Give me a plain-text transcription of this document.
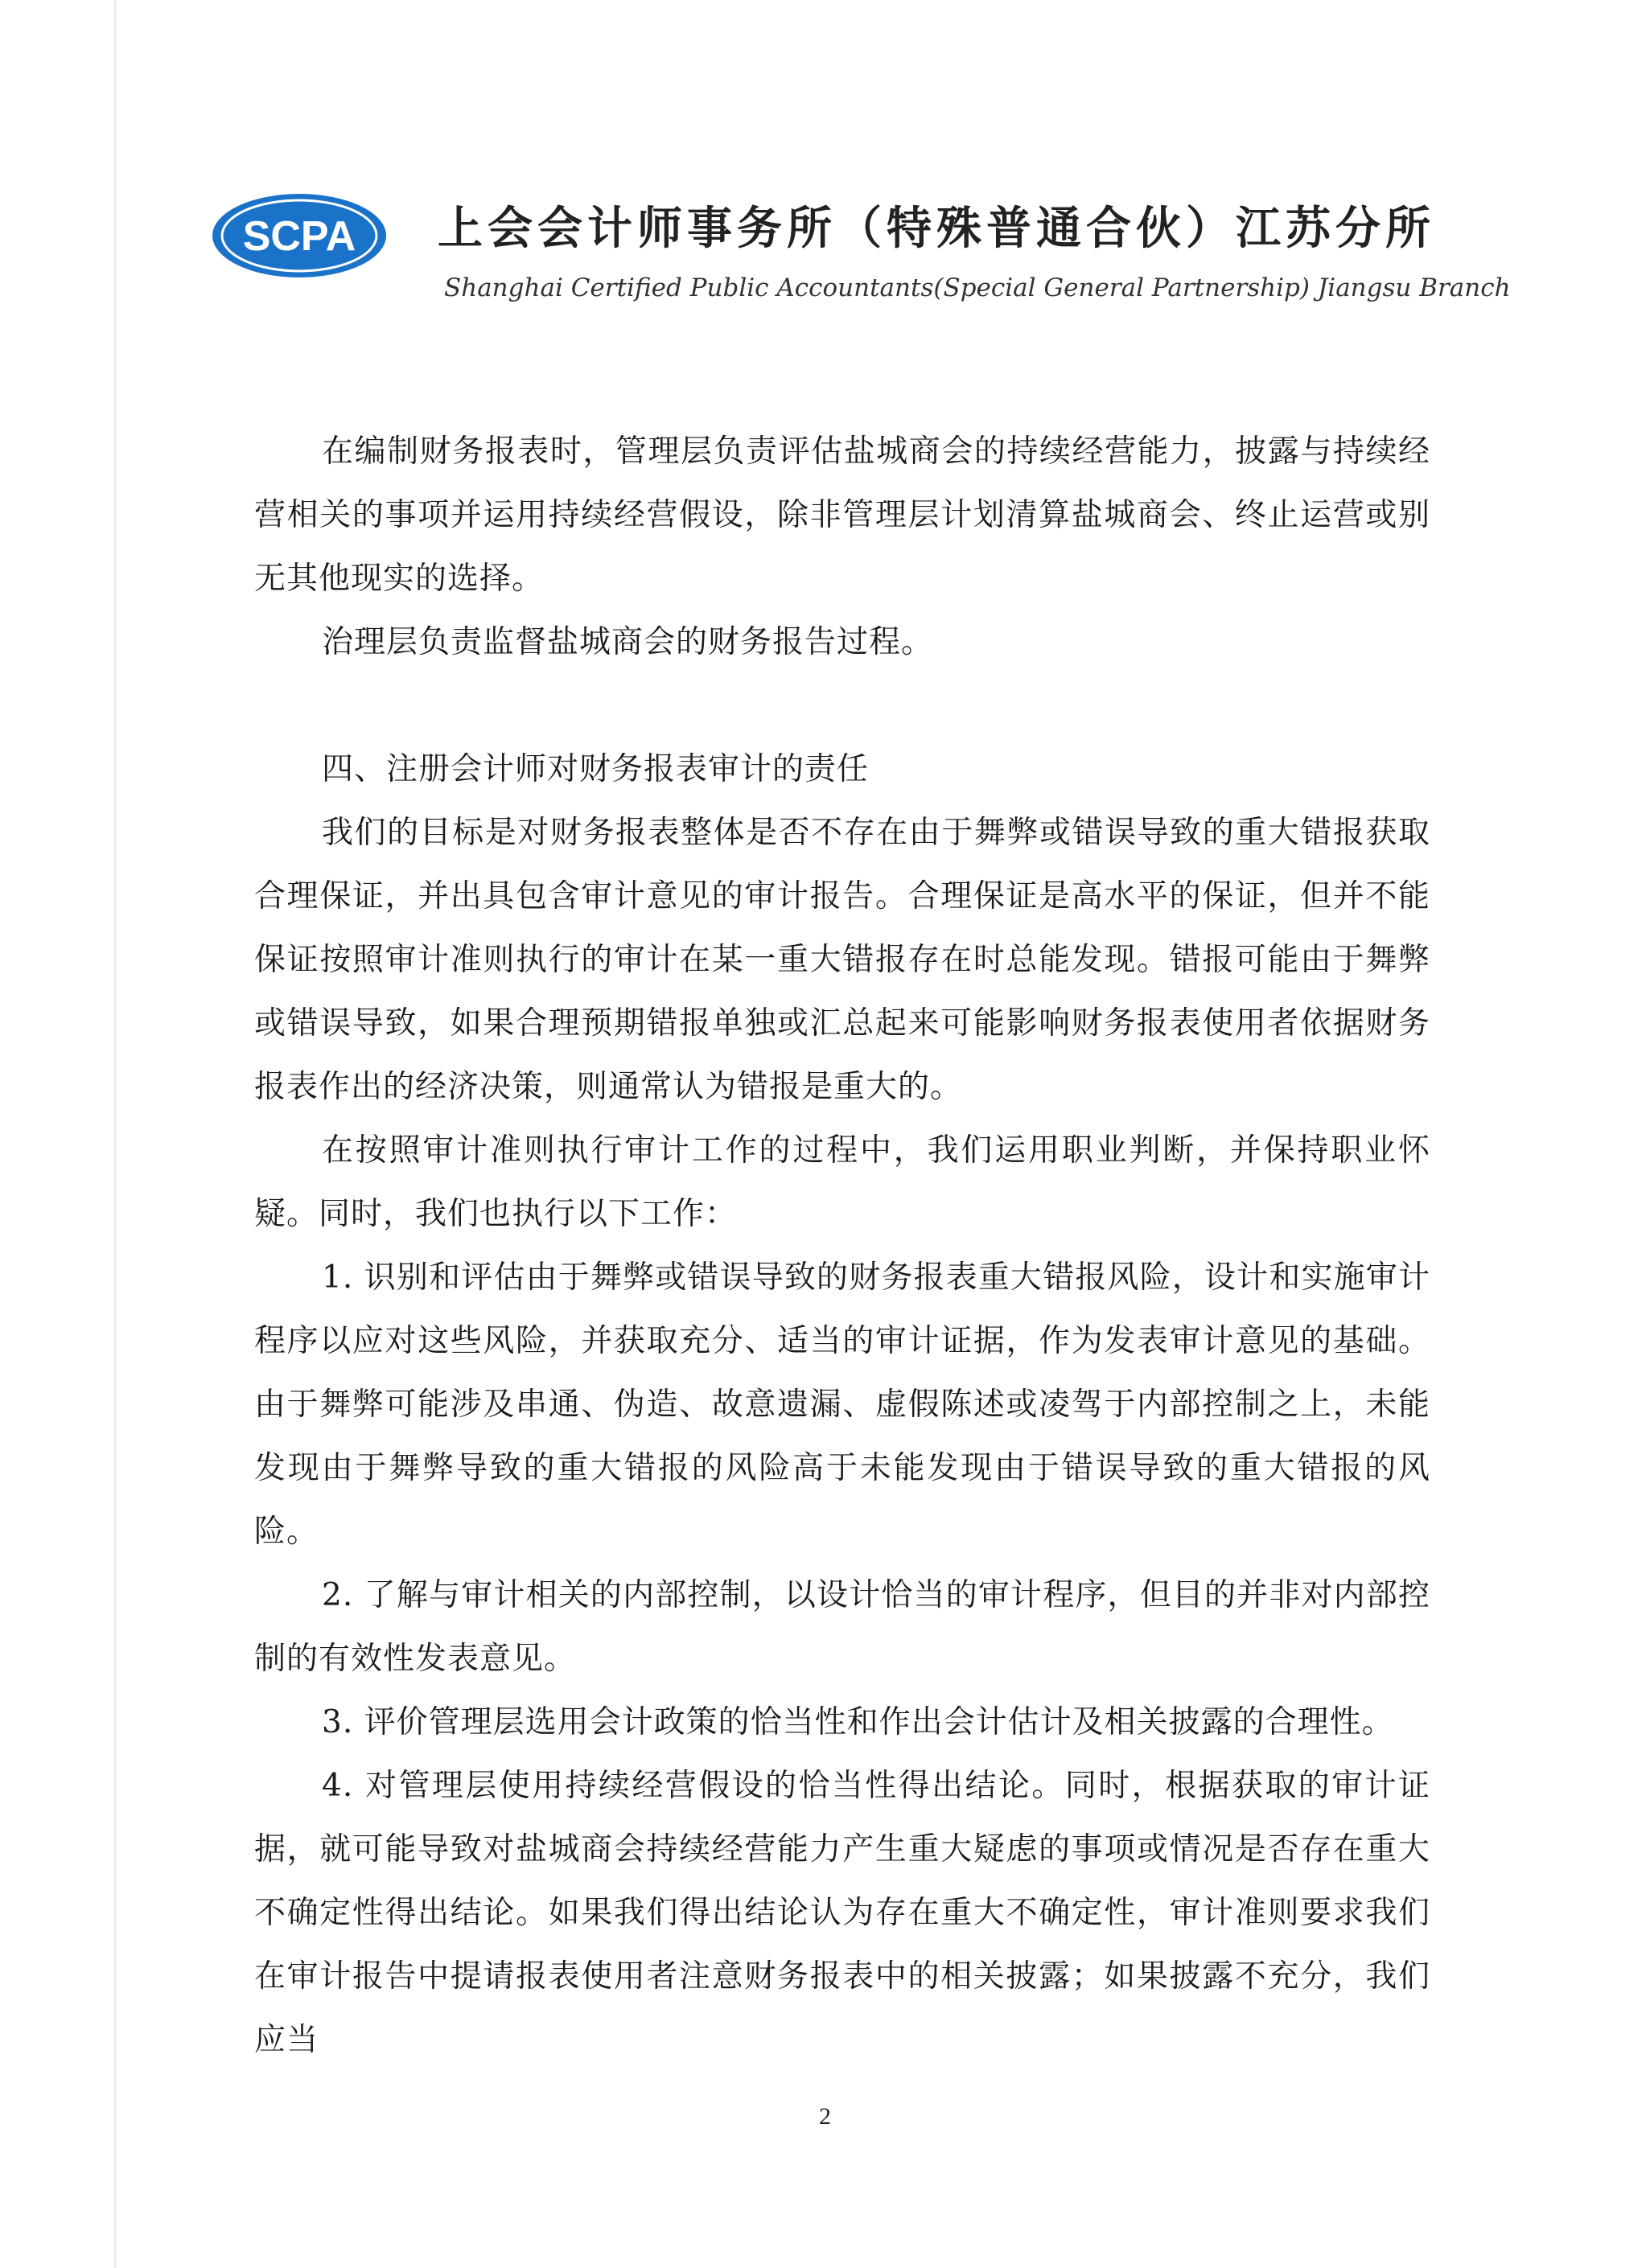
SCPA 上会会计师事务所（特殊普通合伙）江苏分所
Shanghai Certified Public Accountants(Special General Partnership) Jiangsu Branch

在编制财务报表时，管理层负责评估盐城商会的持续经营能力，披露与持续经营相关的事项并运用持续经营假设，除非管理层计划清算盐城商会、终止运营或别无其他现实的选择。

治理层负责监督盐城商会的财务报告过程。

四、注册会计师对财务报表审计的责任

我们的目标是对财务报表整体是否不存在由于舞弊或错误导致的重大错报获取合理保证，并出具包含审计意见的审计报告。合理保证是高水平的保证，但并不能保证按照审计准则执行的审计在某一重大错报存在时总能发现。错报可能由于舞弊或错误导致，如果合理预期错报单独或汇总起来可能影响财务报表使用者依据财务报表作出的经济决策，则通常认为错报是重大的。

在按照审计准则执行审计工作的过程中，我们运用职业判断，并保持职业怀疑。同时，我们也执行以下工作：

1. 识别和评估由于舞弊或错误导致的财务报表重大错报风险，设计和实施审计程序以应对这些风险，并获取充分、适当的审计证据，作为发表审计意见的基础。由于舞弊可能涉及串通、伪造、故意遗漏、虚假陈述或凌驾于内部控制之上，未能发现由于舞弊导致的重大错报的风险高于未能发现由于错误导致的重大错报的风险。

2. 了解与审计相关的内部控制，以设计恰当的审计程序，但目的并非对内部控制的有效性发表意见。

3. 评价管理层选用会计政策的恰当性和作出会计估计及相关披露的合理性。

4. 对管理层使用持续经营假设的恰当性得出结论。同时，根据获取的审计证据，就可能导致对盐城商会持续经营能力产生重大疑虑的事项或情况是否存在重大不确定性得出结论。如果我们得出结论认为存在重大不确定性，审计准则要求我们在审计报告中提请报表使用者注意财务报表中的相关披露；如果披露不充分，我们应当

2
